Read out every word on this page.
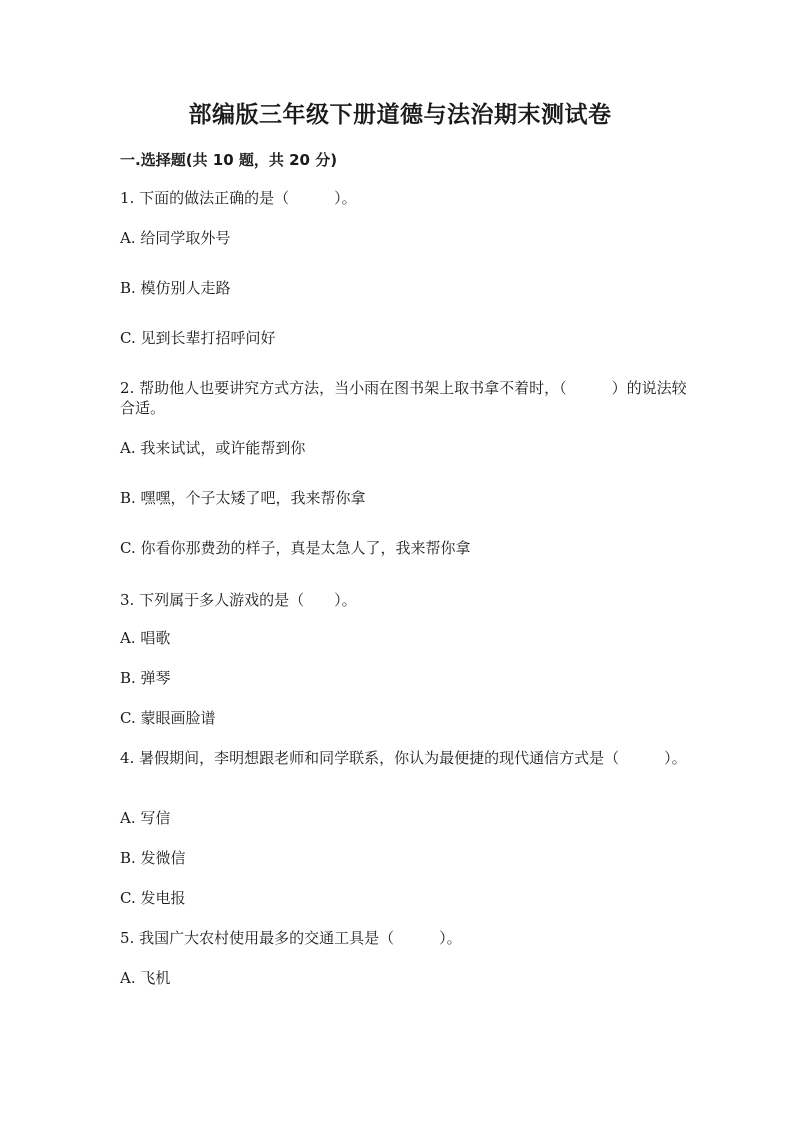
部编版三年级下册道德与法治期末测试卷
一.选择题(共 10 题，共 20 分)
1. 下面的做法正确的是（　　　）。
A. 给同学取外号
B. 模仿别人走路
C. 见到长辈打招呼问好
2. 帮助他人也要讲究方式方法，当小雨在图书架上取书拿不着时，（　　　）的说法较合适。
A. 我来试试，或许能帮到你
B. 嘿嘿，个子太矮了吧，我来帮你拿
C. 你看你那费劲的样子，真是太急人了，我来帮你拿
3. 下列属于多人游戏的是（　　）。
A. 唱歌
B. 弹琴
C. 蒙眼画脸谱
4. 暑假期间，李明想跟老师和同学联系，你认为最便捷的现代通信方式是（　　　）。
A. 写信
B. 发微信
C. 发电报
5. 我国广大农村使用最多的交通工具是（　　　）。
A. 飞机
